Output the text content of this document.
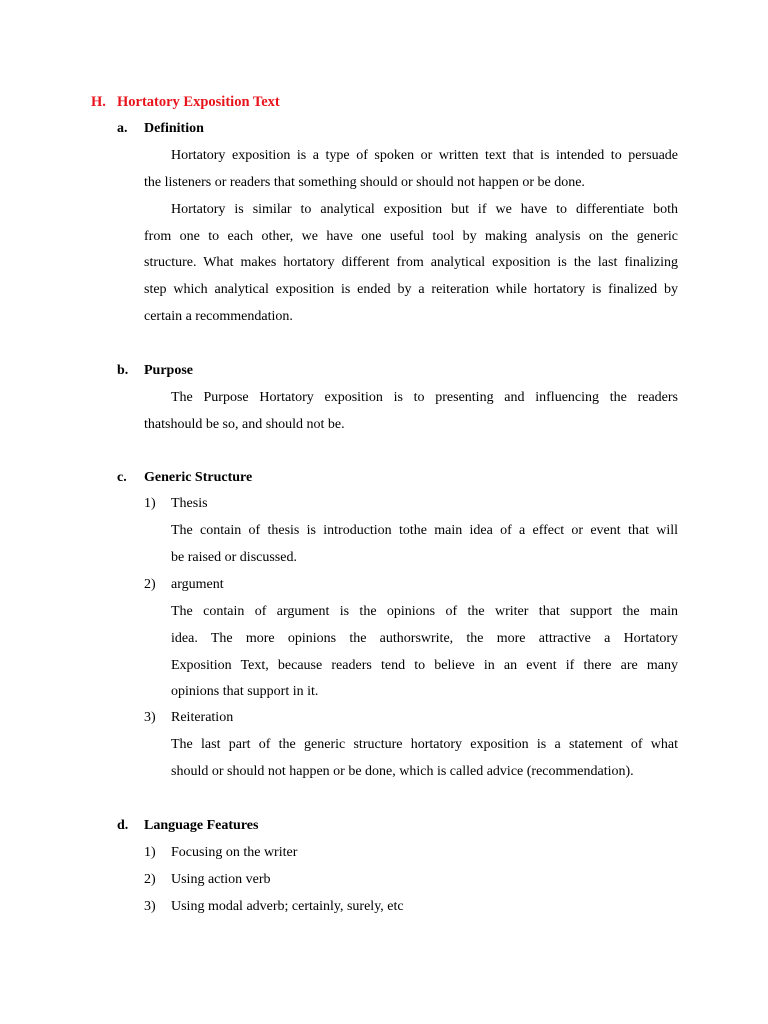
H. Hortatory Exposition Text
a. Definition
Hortatory exposition is a type of spoken or written text that is intended to persuade
the listeners or readers that something should or should not happen or be done.
Hortatory is similar to analytical exposition but if we have to differentiate both
from one to each other, we have one useful tool by making analysis on the generic
structure. What makes hortatory different from analytical exposition is the last finalizing
step which analytical exposition is ended by a reiteration while hortatory is finalized by
certain a recommendation.
b. Purpose
The Purpose Hortatory exposition is to presenting and influencing the readers
thatshould be so, and should not be.
c. Generic Structure
1) Thesis
The contain of thesis is introduction tothe main idea of a effect or event that will
be raised or discussed.
2) argument
The contain of argument is the opinions of the writer that support the main
idea. The more opinions the authorswrite, the more attractive a Hortatory
Exposition Text, because readers tend to believe in an event if there are many
opinions that support in it.
3) Reiteration
The last part of the generic structure hortatory exposition is a statement of what
should or should not happen or be done, which is called advice (recommendation).
d. Language Features
1) Focusing on the writer
2) Using action verb
3) Using modal adverb; certainly, surely, etc
